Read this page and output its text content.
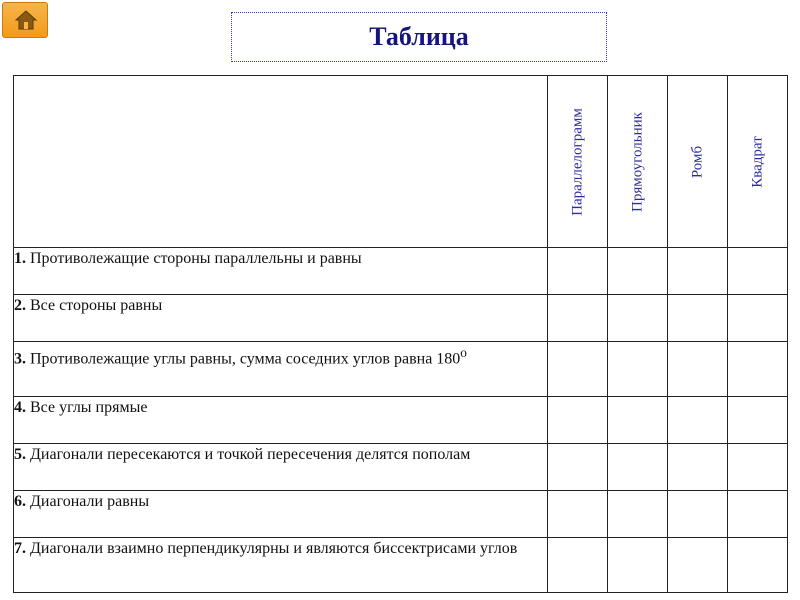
Таблица

	Параллелограмм	Прямоугольник	Ромб	Квадрат

1. Противолежащие стороны параллельны и равны				
2. Все стороны равны				
3. Противолежащие углы равны, сумма соседних углов равна $180^о$				
4. Все углы прямые				
5. Диагонали пересекаются и точкой пересечения делятся пополам				
6. Диагонали равны				
7. Диагонали взаимно перпендикулярны и являются биссектрисами углов				
